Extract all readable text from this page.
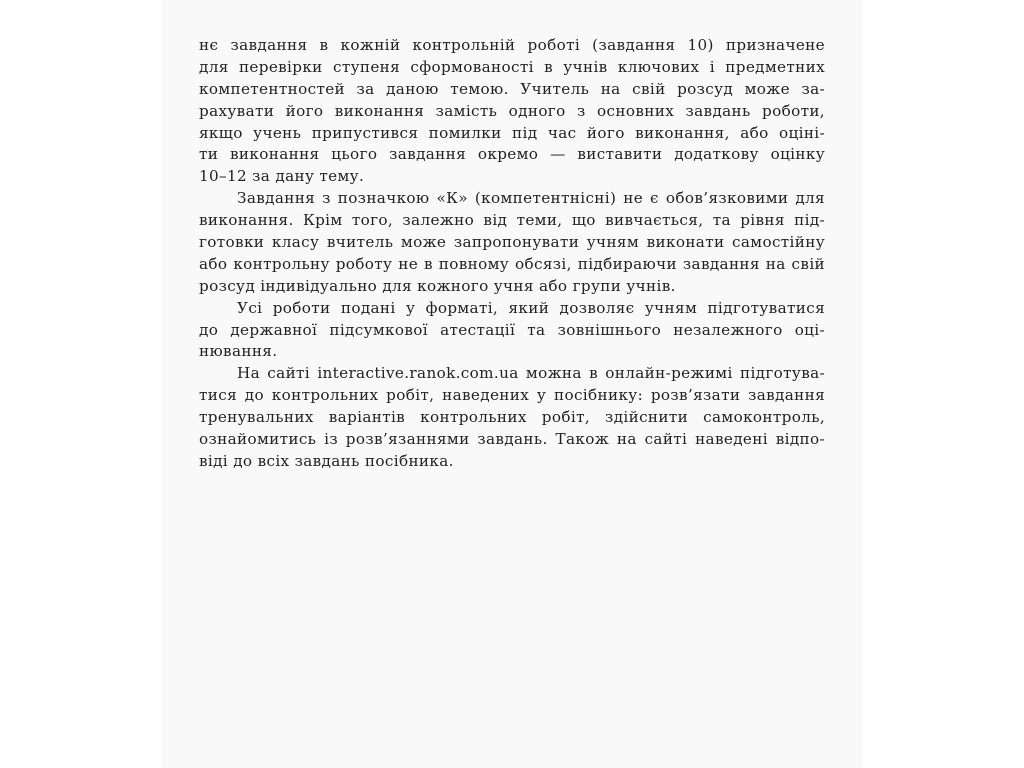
нє завдання в кожній контрольній роботі (завдання 10) призначене
для перевірки ступеня сформованості в учнів ключових і предметних
компетентностей за даною темою. Учитель на свій розсуд може за-
рахувати його виконання замість одного з основних завдань роботи,
якщо учень припустився помилки під час його виконання, або оціні-
ти виконання цього завдання окремо — виставити додаткову оцінку
10–12 за дану тему.
Завдання з позначкою «К» (компетентнісні) не є обов’язковими для
виконання. Крім того, залежно від теми, що вивчається, та рівня під-
готовки класу вчитель може запропонувати учням виконати самостійну
або контрольну роботу не в повному обсязі, підбираючи завдання на свій
розсуд індивідуально для кожного учня або групи учнів.
Усі роботи подані у форматі, який дозволяє учням підготуватися
до державної підсумкової атестації та зовнішнього незалежного оці-
нювання.
На сайті interactive.ranok.com.ua можна в онлайн-режимі підготува-
тися до контрольних робіт, наведених у посібнику: розв’язати завдання
тренувальних варіантів контрольних робіт, здійснити самоконтроль,
ознайомитись із розв’язаннями завдань. Також на сайті наведені відпо-
віді до всіх завдань посібника.
